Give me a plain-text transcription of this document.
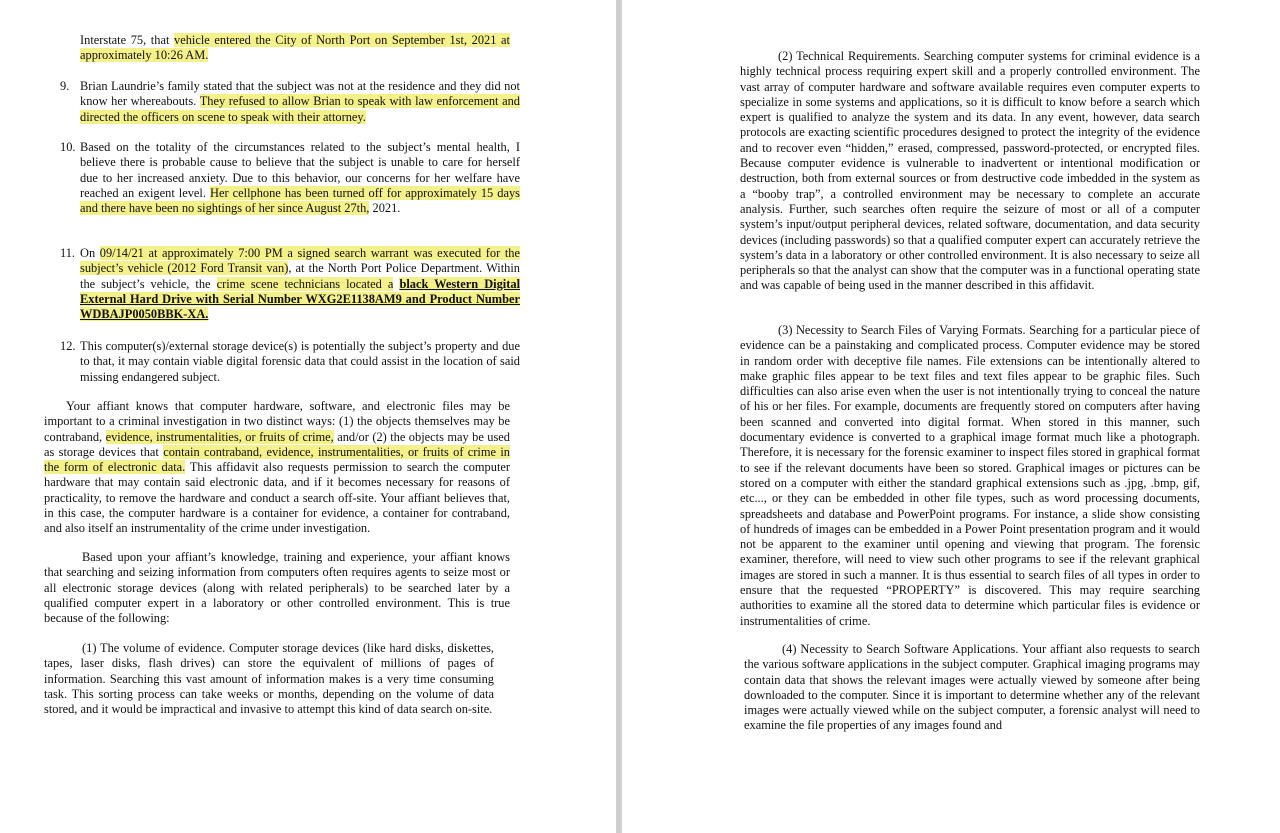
Interstate 75, that vehicle entered the City of North Port on September 1st, 2021 at approximately 10:26 AM.

9. Brian Laundrie’s family stated that the subject was not at the residence and they did not know her whereabouts. They refused to allow Brian to speak with law enforcement and directed the officers on scene to speak with their attorney.

10. Based on the totality of the circumstances related to the subject’s mental health, I believe there is probable cause to believe that the subject is unable to care for herself due to her increased anxiety. Due to this behavior, our concerns for her welfare have reached an exigent level. Her cellphone has been turned off for approximately 15 days and there have been no sightings of her since August 27th, 2021.

11. On 09/14/21 at approximately 7:00 PM a signed search warrant was executed for the subject’s vehicle (2012 Ford Transit van), at the North Port Police Department. Within the subject’s vehicle, the crime scene technicians located a black Western Digital External Hard Drive with Serial Number WXG2E1138AM9 and Product Number WDBAJP0050BBK-XA.

12. This computer(s)/external storage device(s) is potentially the subject’s property and due to that, it may contain viable digital forensic data that could assist in the location of said missing endangered subject.

Your affiant knows that computer hardware, software, and electronic files may be important to a criminal investigation in two distinct ways: (1) the objects themselves may be contraband, evidence, instrumentalities, or fruits of crime, and/or (2) the objects may be used as storage devices that contain contraband, evidence, instrumentalities, or fruits of crime in the form of electronic data. This affidavit also requests permission to search the computer hardware that may contain said electronic data, and if it becomes necessary for reasons of practicality, to remove the hardware and conduct a search off-site. Your affiant believes that, in this case, the computer hardware is a container for evidence, a container for contraband, and also itself an instrumentality of the crime under investigation.

Based upon your affiant’s knowledge, training and experience, your affiant knows that searching and seizing information from computers often requires agents to seize most or all electronic storage devices (along with related peripherals) to be searched later by a qualified computer expert in a laboratory or other controlled environment. This is true because of the following:

(1) The volume of evidence. Computer storage devices (like hard disks, diskettes, tapes, laser disks, flash drives) can store the equivalent of millions of pages of information. Searching this vast amount of information makes is a very time consuming task. This sorting process can take weeks or months, depending on the volume of data stored, and it would be impractical and invasive to attempt this kind of data search on-site.

(2) Technical Requirements. Searching computer systems for criminal evidence is a highly technical process requiring expert skill and a properly controlled environment. The vast array of computer hardware and software available requires even computer experts to specialize in some systems and applications, so it is difficult to know before a search which expert is qualified to analyze the system and its data. In any event, however, data search protocols are exacting scientific procedures designed to protect the integrity of the evidence and to recover even “hidden,” erased, compressed, password-protected, or encrypted files. Because computer evidence is vulnerable to inadvertent or intentional modification or destruction, both from external sources or from destructive code imbedded in the system as a “booby trap”, a controlled environment may be necessary to complete an accurate analysis. Further, such searches often require the seizure of most or all of a computer system’s input/output peripheral devices, related software, documentation, and data security devices (including passwords) so that a qualified computer expert can accurately retrieve the system’s data in a laboratory or other controlled environment. It is also necessary to seize all peripherals so that the analyst can show that the computer was in a functional operating state and was capable of being used in the manner described in this affidavit.

(3) Necessity to Search Files of Varying Formats. Searching for a particular piece of evidence can be a painstaking and complicated process. Computer evidence may be stored in random order with deceptive file names. File extensions can be intentionally altered to make graphic files appear to be text files and text files appear to be graphic files. Such difficulties can also arise even when the user is not intentionally trying to conceal the nature of his or her files. For example, documents are frequently stored on computers after having been scanned and converted into digital format. When stored in this manner, such documentary evidence is converted to a graphical image format much like a photograph. Therefore, it is necessary for the forensic examiner to inspect files stored in graphical format to see if the relevant documents have been so stored. Graphical images or pictures can be stored on a computer with either the standard graphical extensions such as .jpg, .bmp, gif, etc..., or they can be embedded in other file types, such as word processing documents, spreadsheets and database and PowerPoint programs. For instance, a slide show consisting of hundreds of images can be embedded in a Power Point presentation program and it would not be apparent to the examiner until opening and viewing that program. The forensic examiner, therefore, will need to view such other programs to see if the relevant graphical images are stored in such a manner. It is thus essential to search files of all types in order to ensure that the requested “PROPERTY” is discovered. This may require searching authorities to examine all the stored data to determine which particular files is evidence or instrumentalities of crime.

(4) Necessity to Search Software Applications. Your affiant also requests to search the various software applications in the subject computer. Graphical imaging programs may contain data that shows the relevant images were actually viewed by someone after being downloaded to the computer. Since it is important to determine whether any of the relevant images were actually viewed while on the subject computer, a forensic analyst will need to examine the file properties of any images found and
